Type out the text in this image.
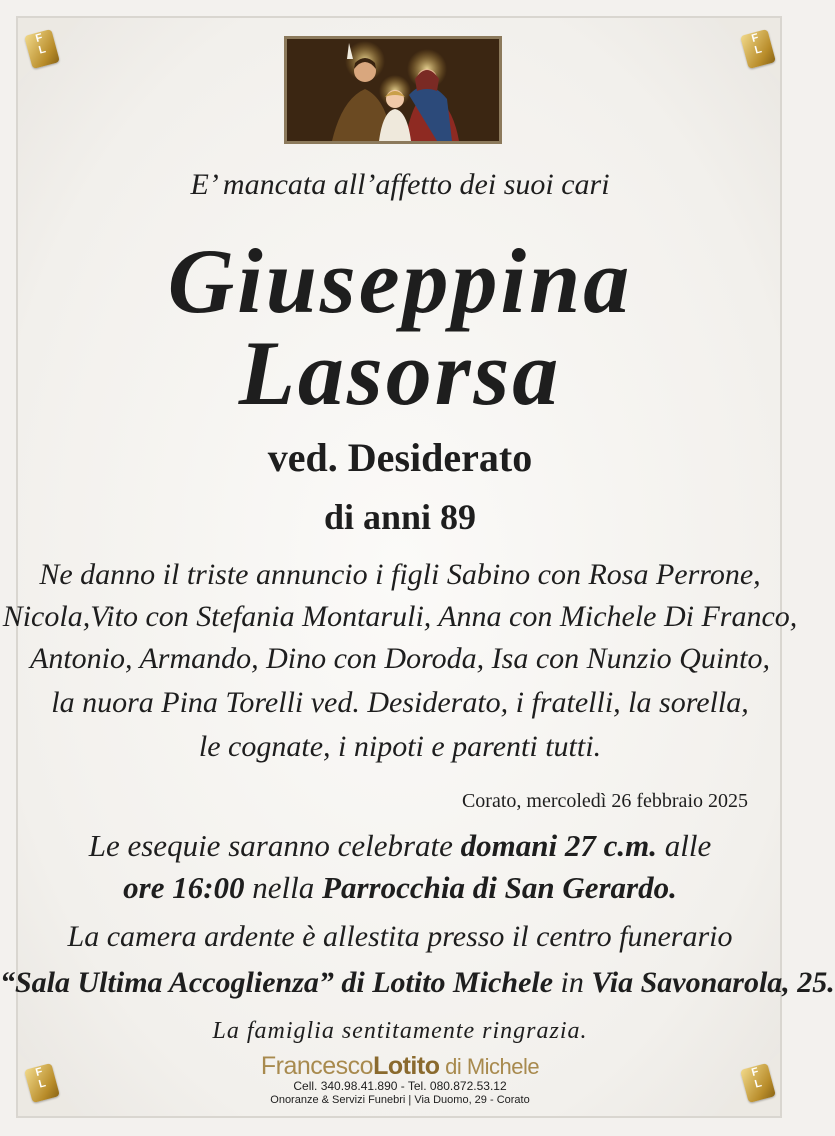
F
L
F
L
F
L
F
L
E’ mancata all’affetto dei suoi cari
Giuseppina
Lasorsa
ved. Desiderato
di anni 89
Ne danno il triste annuncio i figli Sabino con Rosa Perrone,
Nicola,Vito con Stefania Montaruli, Anna con Michele Di Franco,
Antonio, Armando, Dino con Doroda, Isa con Nunzio Quinto,
la nuora Pina Torelli ved. Desiderato, i fratelli, la sorella,
le cognate, i nipoti e parenti tutti.
Corato, mercoledì 26 febbraio 2025
Le esequie saranno celebrate domani 27 c.m. alle
ore 16:00 nella Parrocchia di San Gerardo.
La camera ardente è allestita presso il centro funerario
“Sala Ultima Accoglienza” di Lotito Michele in Via Savonarola, 25.
La famiglia sentitamente ringrazia.
FrancescoLotito di Michele
Cell. 340.98.41.890 - Tel. 080.872.53.12
Onoranze & Servizi Funebri | Via Duomo, 29 - Corato
